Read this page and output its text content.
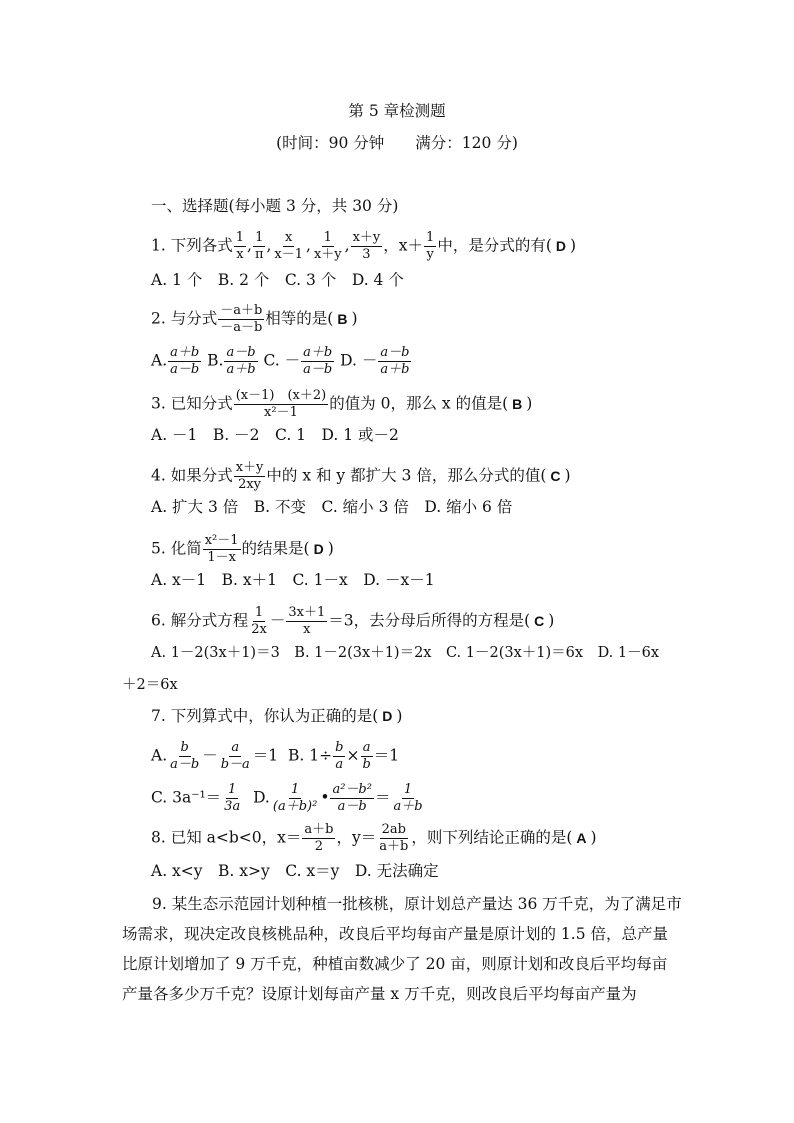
第 5 章检测题
(时间：90 分钟　　满分：120 分)
一、选择题(每小题 3 分，共 30 分)
1. 下列各式 $\frac{1}{x}$ , $\frac{1}{\pi}$ , $\frac{x}{x-1}$ , $\frac{1}{x+y}$ , $\frac{x+y}{3}$ ，$x+ \frac{1}{y}$ 中，是分式的有( D )
A. 1 个　B. 2 个　C. 3 个　D. 4 个
2. 与分式 $\frac{-a+b}{-a-b}$ 相等的是( B )
A. $\frac{a+b}{a-b} B$. $\frac{a-b}{a+b} C$. － $\frac{a+b}{a-b} D$. － $\frac{a-b}{a+b}$
3. 已知分式 $\frac{(x-1) (x+2)}{\text{x²－1}}$ 的值为 0，那么 x 的值是( B )
A. －1　B. －2　C. 1　D. 1 或－2
4. 如果分式 $\frac{x+y}{2xy}$ 中的 x 和 y 都扩大 3 倍，那么分式的值( C )
A. 扩大 3 倍　B. 不变　C. 缩小 3 倍　D. 缩小 6 倍
5. 化简 $\frac{\text{x²－1}}{1-x}$ 的结果是( D )
A. x－1　B. x＋1　C. 1－x　D. －x－1
6. 解分式方程 $\frac{1}{2x} - \frac{3x+1}{x} =3$，去分母后所得的方程是( C )
A. 1－2(3x＋1)＝3　B. 1－2(3x＋1)＝2x　C. 1－2(3x＋1)＝6x　D. 1－6x
＋2＝6x
7. 下列算式中，你认为正确的是( D )
A. $\frac{b}{a-b} - \frac{a}{b-a} =1$ B. $1\div \frac{b}{a} \times \frac{a}{b} =1$
C. $3a^{-1}= \frac{1}{3a} D$. $\frac{1}{\text{(a＋b)²}}$ • $\frac{\text{a²－b²}}{a-b} = \frac{1}{a+b}$
8. 已知 a<b<0，$x= \frac{a+b}{2}$ ，$y= \frac{2ab}{a+b}$ ，则下列结论正确的是( A )
A. x<y　B. x>y　C. x＝y　D. 无法确定
9. 某生态示范园计划种植一批核桃，原计划总产量达 36 万千克，为了满足市场需求，现决定改良核桃品种，改良后平均每亩产量是原计划的 1.5 倍，总产量比原计划增加了 9 万千克，种植亩数减少了 20 亩，则原计划和改良后平均每亩产量各多少万千克？设原计划每亩产量 x 万千克，则改良后平均每亩产量为
